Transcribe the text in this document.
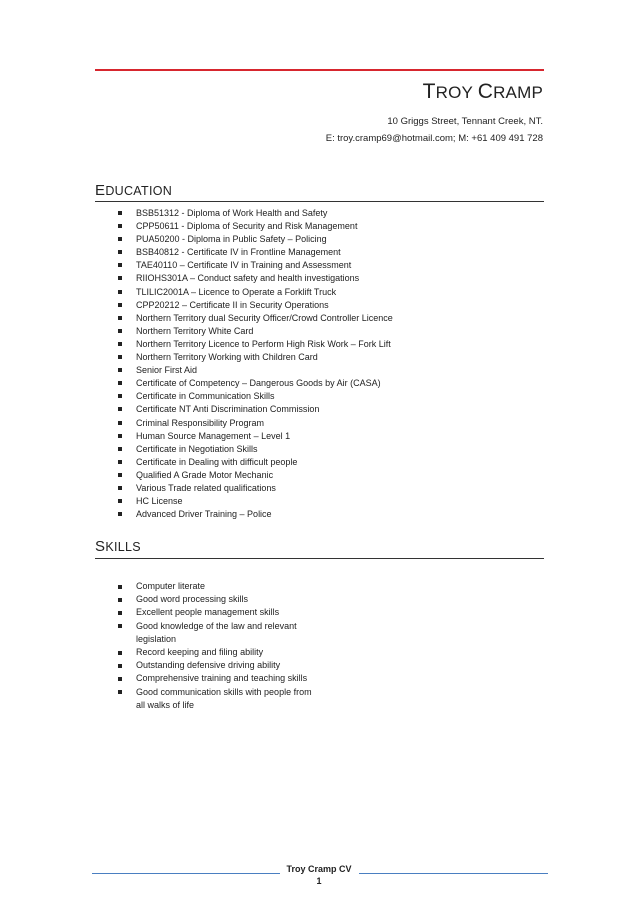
TROY CRAMP
10 Griggs Street, Tennant Creek, NT.
E: troy.cramp69@hotmail.com; M: +61 409 491 728
EDUCATION
BSB51312 - Diploma of Work Health and Safety
CPP50611 - Diploma of Security and Risk Management
PUA50200 - Diploma in Public Safety – Policing
BSB40812 - Certificate IV in Frontline Management
TAE40110 – Certificate IV in Training and Assessment
RIIOHS301A – Conduct safety and health investigations
TLILIC2001A – Licence to Operate a Forklift Truck
CPP20212 – Certificate II in Security Operations
Northern Territory dual Security Officer/Crowd Controller Licence
Northern Territory White Card
Northern Territory Licence to Perform High Risk Work – Fork Lift
Northern Territory Working with Children Card
Senior First Aid
Certificate of Competency – Dangerous Goods by Air (CASA)
Certificate in Communication Skills
Certificate NT Anti Discrimination Commission
Criminal Responsibility Program
Human Source Management – Level 1
Certificate in Negotiation Skills
Certificate in Dealing with difficult people
Qualified A Grade Motor Mechanic
Various Trade related qualifications
HC License
Advanced Driver Training – Police
SKILLS
Computer literate
Good word processing skills
Excellent people management skills
Good knowledge of the law and relevant legislation
Record keeping and filing ability
Outstanding defensive driving ability
Comprehensive training and teaching skills
Good communication skills with people from all walks of life
Troy Cramp CV
1
